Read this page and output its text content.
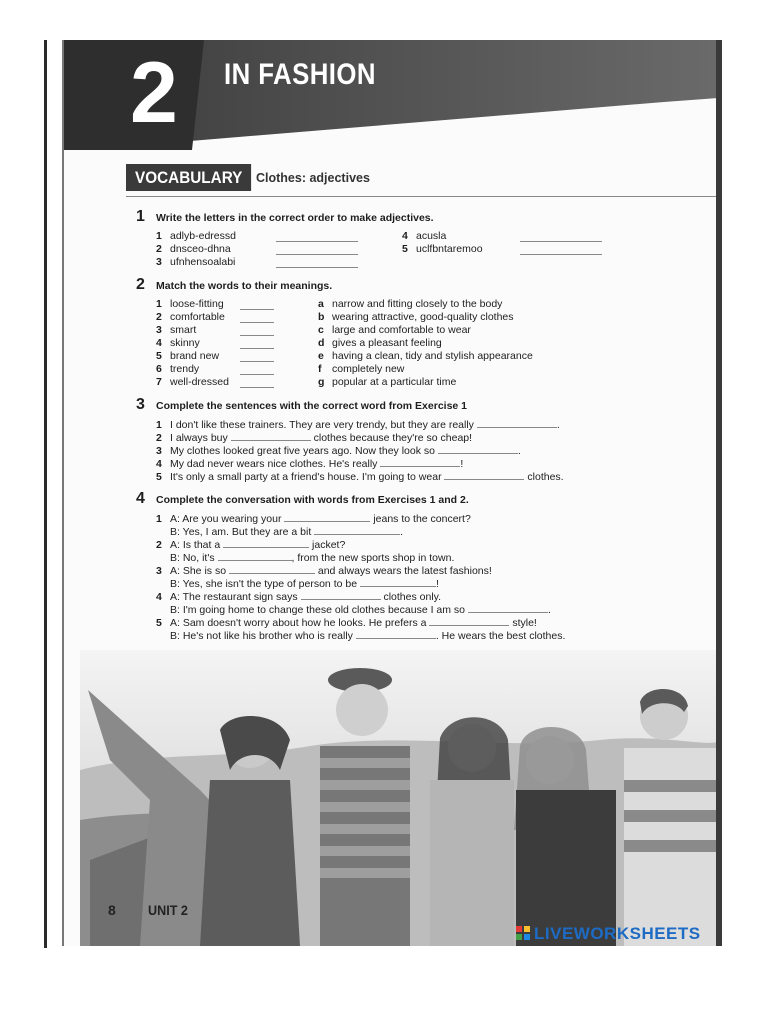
2 IN FASHION
VOCABULARY	Clothes: adjectives
1 Write the letters in the correct order to make adjectives.
1 adlyb-edressd
2 dnsceo-dhna
3 ufnhensoalabi
4 acusla
5 uclfbntaremoo
2 Match the words to their meanings.
1 loose-fitting
2 comfortable
3 smart
4 skinny
5 brand new
6 trendy
7 well-dressed
a narrow and fitting closely to the body
b wearing attractive, good-quality clothes
c large and comfortable to wear
d gives a pleasant feeling
e having a clean, tidy and stylish appearance
f completely new
g popular at a particular time
3 Complete the sentences with the correct word from Exercise 1
1 I don't like these trainers. They are very trendy, but they are really	.
2 I always buy	clothes because they're so cheap!
3 My clothes looked great five years ago. Now they look so	.
4 My dad never wears nice clothes. He's really	!
5 It's only a small party at a friend's house. I'm going to wear	clothes.
4 Complete the conversation with words from Exercises 1 and 2.
1 A: Are you wearing your	jeans to the concert?
B: Yes, I am. But they are a bit	.
2 A: Is that a	jacket?
B: No, it's	, from the new sports shop in town.
3 A: She is so	and always wears the latest fashions!
B: Yes, she isn't the type of person to be	!
4 A: The restaurant sign says	clothes only.
B: I'm going home to change these old clothes because I am so	.
5 A: Sam doesn't worry about how he looks. He prefers a	style!
B: He's not like his brother who is really	. He wears the best clothes.
8 UNIT 2
LIVEWORKSHEETS
